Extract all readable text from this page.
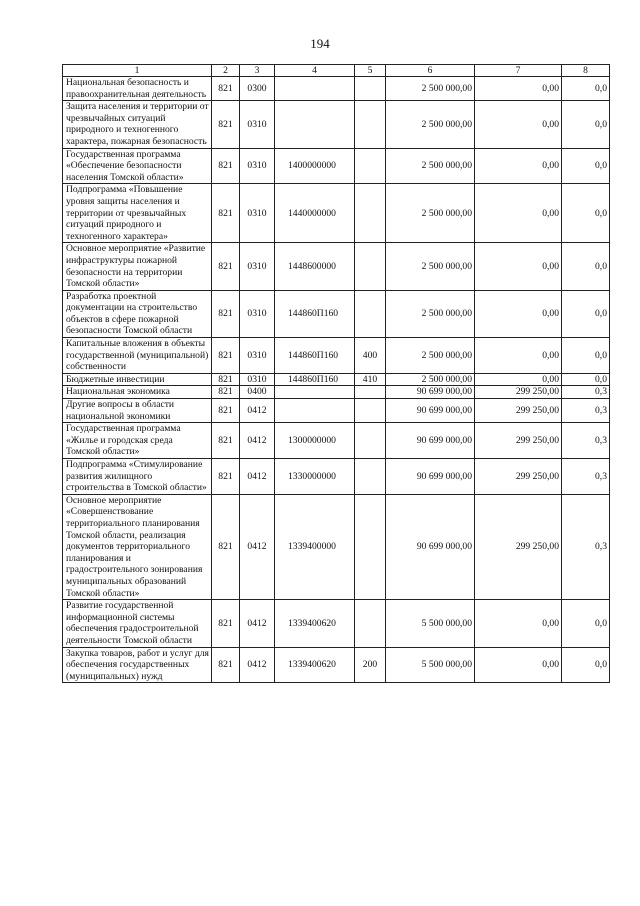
194
1	2	3	4	5	6	7	8
Национальная безопасность и правоохранительная деятельность	821	0300			2 500 000,00	0,00	0,0
Защита населения и территории от чрезвычайных ситуаций природного и техногенного характера, пожарная безопасность	821	0310			2 500 000,00	0,00	0,0
Государственная программа «Обеспечение безопасности населения Томской области»	821	0310	1400000000		2 500 000,00	0,00	0,0
Подпрограмма «Повышение уровня защиты населения и территории от чрезвычайных ситуаций природного и техногенного характера»	821	0310	1440000000		2 500 000,00	0,00	0,0
Основное мероприятие «Развитие инфраструктуры пожарной безопасности на территории Томской области»	821	0310	1448600000		2 500 000,00	0,00	0,0
Разработка проектной документации на строительство объектов в сфере пожарной безопасности Томской области	821	0310	144860П160		2 500 000,00	0,00	0,0
Капитальные вложения в объекты государственной (муниципальной) собственности	821	0310	144860П160	400	2 500 000,00	0,00	0,0
Бюджетные инвестиции	821	0310	144860П160	410	2 500 000,00	0,00	0,0
Национальная экономика	821	0400			90 699 000,00	299 250,00	0,3
Другие вопросы в области национальной экономики	821	0412			90 699 000,00	299 250,00	0,3
Государственная программа «Жилье и городская среда Томской области»	821	0412	1300000000		90 699 000,00	299 250,00	0,3
Подпрограмма «Стимулирование развития жилищного строительства в Томской области»	821	0412	1330000000		90 699 000,00	299 250,00	0,3
Основное мероприятие «Совершенствование территориального планирования Томской области, реализация документов территориального планирования и градостроительного зонирования муниципальных образований Томской области»	821	0412	1339400000		90 699 000,00	299 250,00	0,3
Развитие государственной информационной системы обеспечения градостроительной деятельности Томской области	821	0412	1339400620		5 500 000,00	0,00	0,0
Закупка товаров, работ и услуг для обеспечения государственных (муниципальных) нужд	821	0412	1339400620	200	5 500 000,00	0,00	0,0
